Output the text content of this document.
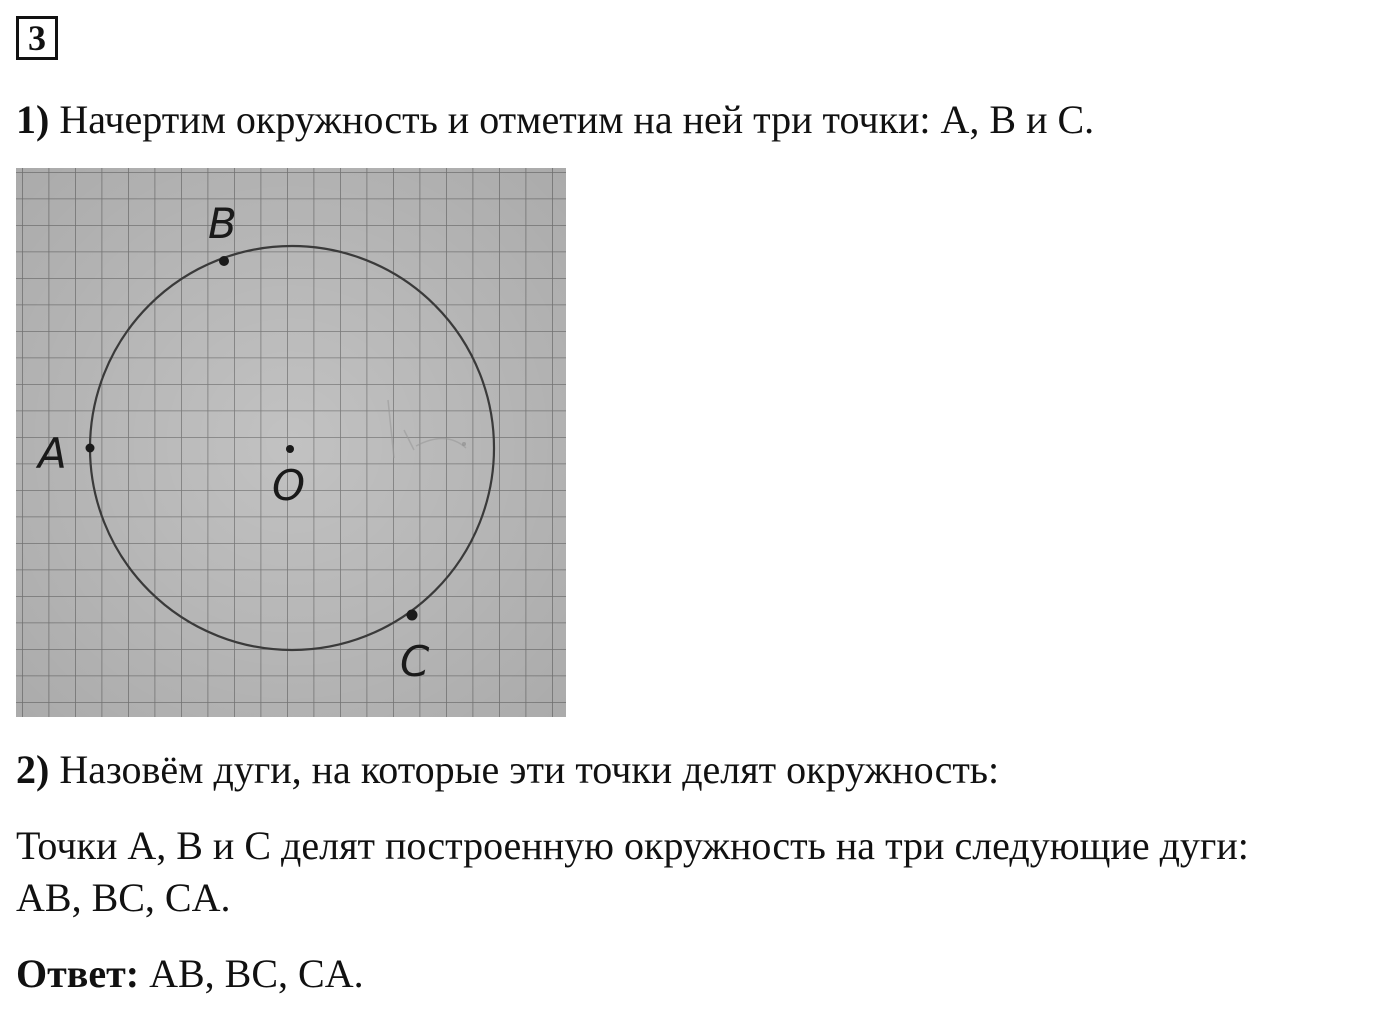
3
1) Начертим окружность и отметим на ней три точки: A, B и C.
B
A
C
O
2) Назовём дуги, на которые эти точки делят окружность:
Точки A, B и C делят построенную окружность на три следующие дуги:
AB, BC, CA.
Ответ: AB, BC, CA.
